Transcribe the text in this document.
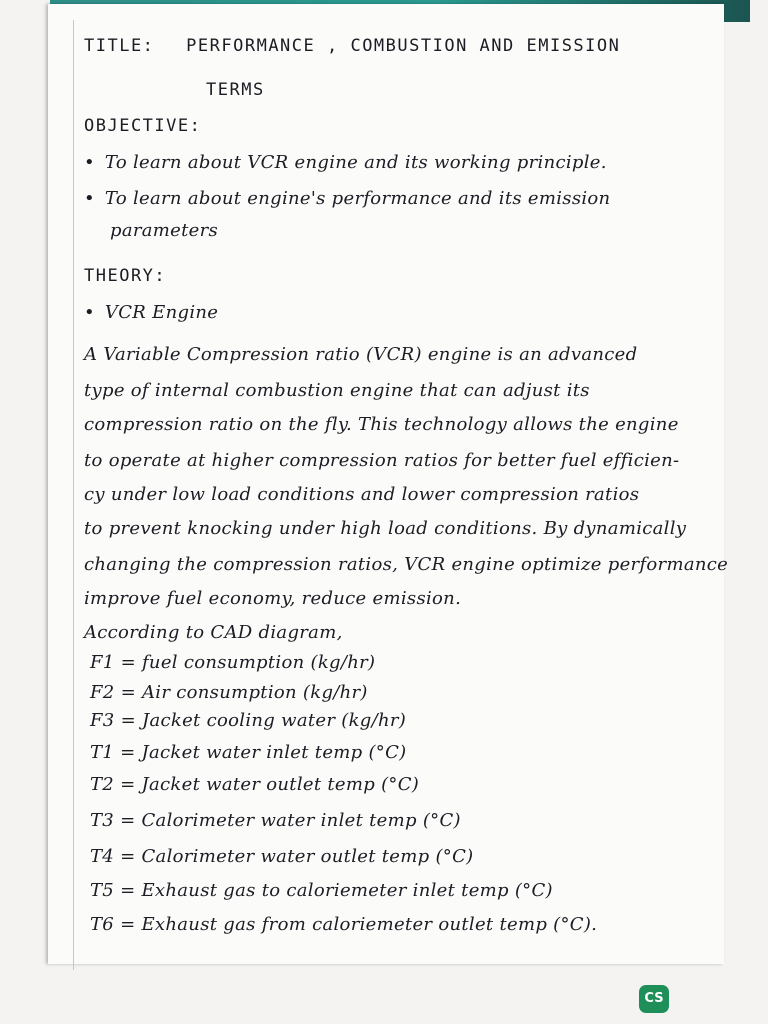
TITLE: PERFORMANCE , COMBUSTION AND EMISSION

TERMS

OBJECTIVE:

• To learn about VCR engine and its working principle.

• To learn about engine's performance and its emission

parameters

THEORY:

• VCR Engine

A Variable Compression ratio (VCR) engine is an advanced

type of internal combustion engine that can adjust its

compression ratio on the fly. This technology allows the engine

to operate at higher compression ratios for better fuel efficien-

cy under low load conditions and lower compression ratios

to prevent knocking under high load conditions. By dynamically

changing the compression ratios, VCR engine optimize performance

improve fuel economy, reduce emission.

According to CAD diagram,

F1 = fuel consumption (kg/hr)

F2 = Air consumption (kg/hr)

F3 = Jacket cooling water (kg/hr)

T1 = Jacket water inlet temp (°C)

T2 = Jacket water outlet temp (°C)

T3 = Calorimeter water inlet temp (°C)

T4 = Calorimeter water outlet temp (°C)

T5 = Exhaust gas to caloriemeter inlet temp (°C)

T6 = Exhaust gas from caloriemeter outlet temp (°C).

CS
